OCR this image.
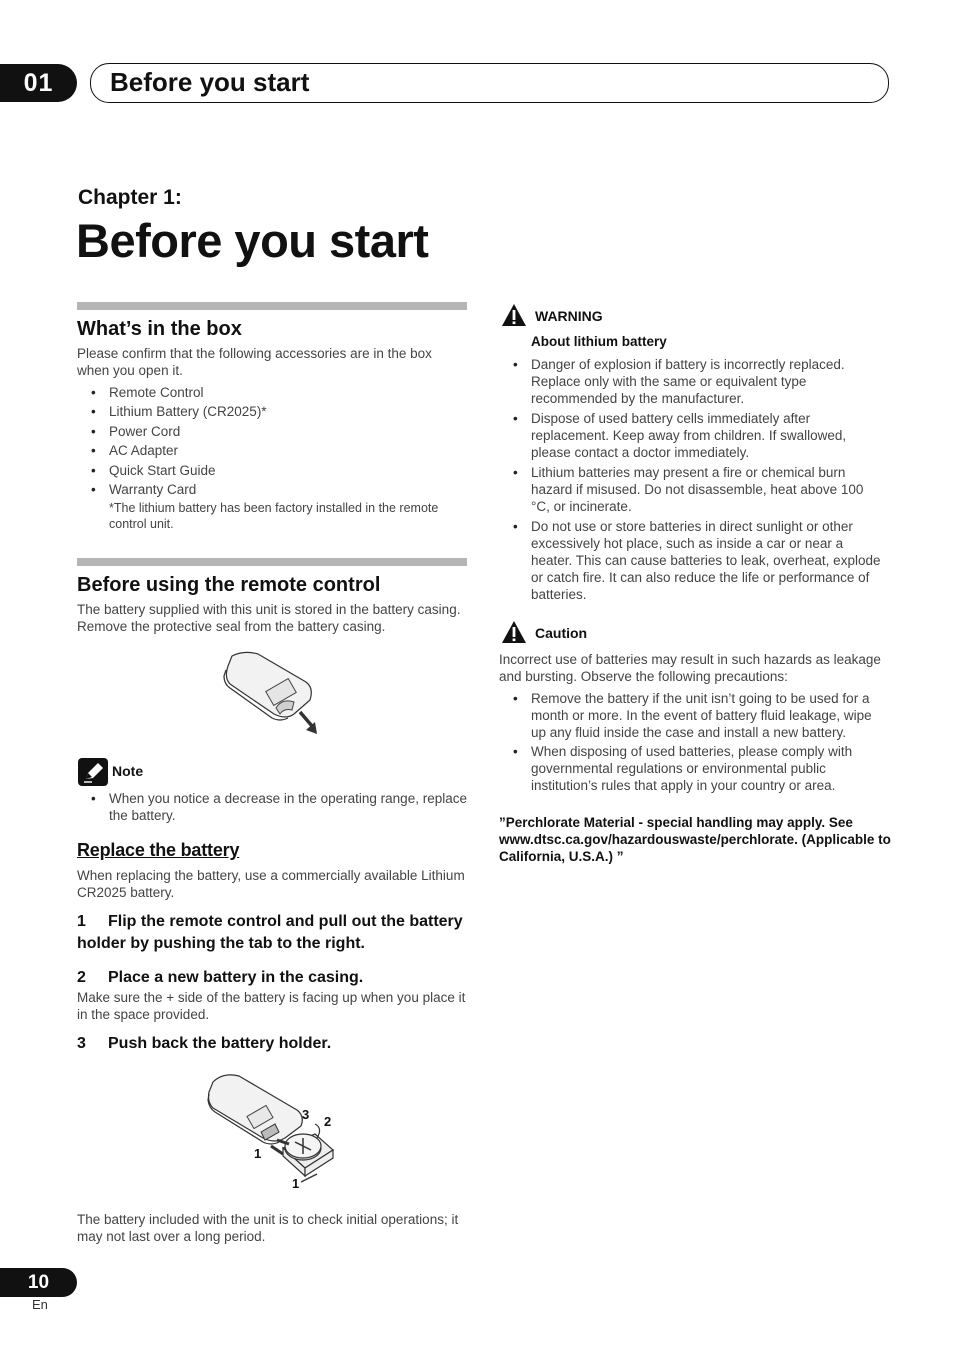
01	Before you start
Chapter 1:
Before you start
What’s in the box
Please confirm that the following accessories are in the box when you open it.
• Remote Control
• Lithium Battery (CR2025)*
• Power Cord
• AC Adapter
• Quick Start Guide
• Warranty Card
*The lithium battery has been factory installed in the remote control unit.
Before using the remote control
The battery supplied with this unit is stored in the battery casing. Remove the protective seal from the battery casing.
Note
• When you notice a decrease in the operating range, replace the battery.
Replace the battery
When replacing the battery, use a commercially available Lithium CR2025 battery.
1 Flip the remote control and pull out the battery holder by pushing the tab to the right.
2 Place a new battery in the casing.
Make sure the + side of the battery is facing up when you place it in the space provided.
3 Push back the battery holder.
3 2
1
1
The battery included with the unit is to check initial operations; it may not last over a long period.
WARNING
About lithium battery
• Danger of explosion if battery is incorrectly replaced. Replace only with the same or equivalent type recommended by the manufacturer.
• Dispose of used battery cells immediately after replacement. Keep away from children. If swallowed, please contact a doctor immediately.
• Lithium batteries may present a fire or chemical burn hazard if misused. Do not disassemble, heat above 100 °C, or incinerate.
• Do not use or store batteries in direct sunlight or other excessively hot place, such as inside a car or near a heater. This can cause batteries to leak, overheat, explode or catch fire. It can also reduce the life or performance of batteries.
Caution
Incorrect use of batteries may result in such hazards as leakage and bursting. Observe the following precautions:
• Remove the battery if the unit isn’t going to be used for a month or more. In the event of battery fluid leakage, wipe up any fluid inside the case and install a new battery.
• When disposing of used batteries, please comply with governmental regulations or environmental public institution’s rules that apply in your country or area.
”Perchlorate Material - special handling may apply. See www.dtsc.ca.gov/hazardouswaste/perchlorate. (Applicable to California, U.S.A.) ”
10
En
